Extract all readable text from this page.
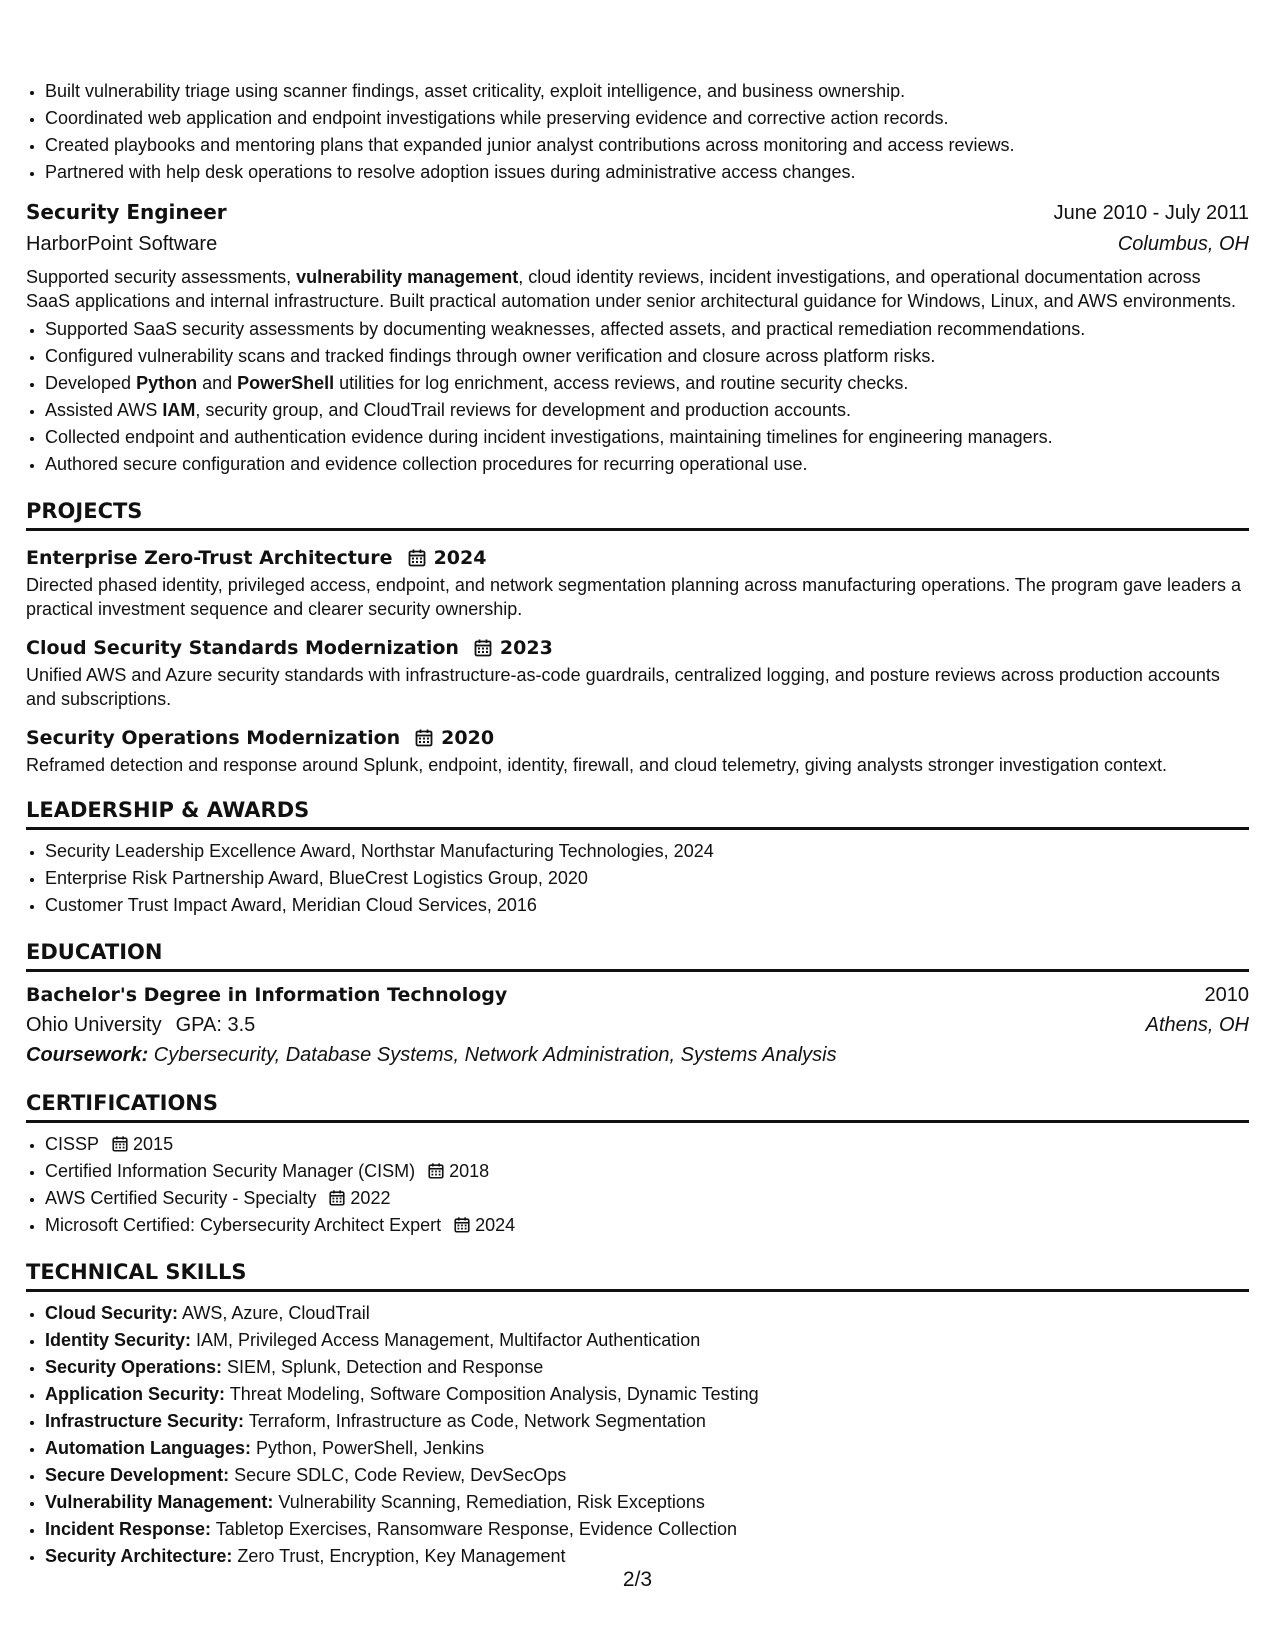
• Built vulnerability triage using scanner findings, asset criticality, exploit intelligence, and business ownership.
• Coordinated web application and endpoint investigations while preserving evidence and corrective action records.
• Created playbooks and mentoring plans that expanded junior analyst contributions across monitoring and access reviews.
• Partnered with help desk operations to resolve adoption issues during administrative access changes.
Security Engineer	June 2010 - July 2011
HarborPoint Software	Columbus, OH
Supported security assessments, vulnerability management, cloud identity reviews, incident investigations, and operational documentation across SaaS applications and internal infrastructure. Built practical automation under senior architectural guidance for Windows, Linux, and AWS environments.
• Supported SaaS security assessments by documenting weaknesses, affected assets, and practical remediation recommendations.
• Configured vulnerability scans and tracked findings through owner verification and closure across platform risks.
• Developed Python and PowerShell utilities for log enrichment, access reviews, and routine security checks.
• Assisted AWS IAM, security group, and CloudTrail reviews for development and production accounts.
• Collected endpoint and authentication evidence during incident investigations, maintaining timelines for engineering managers.
• Authored secure configuration and evidence collection procedures for recurring operational use.
PROJECTS
Enterprise Zero-Trust Architecture 2024
Directed phased identity, privileged access, endpoint, and network segmentation planning across manufacturing operations. The program gave leaders a practical investment sequence and clearer security ownership.
Cloud Security Standards Modernization 2023
Unified AWS and Azure security standards with infrastructure-as-code guardrails, centralized logging, and posture reviews across production accounts and subscriptions.
Security Operations Modernization 2020
Reframed detection and response around Splunk, endpoint, identity, firewall, and cloud telemetry, giving analysts stronger investigation context.
LEADERSHIP & AWARDS
• Security Leadership Excellence Award, Northstar Manufacturing Technologies, 2024
• Enterprise Risk Partnership Award, BlueCrest Logistics Group, 2020
• Customer Trust Impact Award, Meridian Cloud Services, 2016
EDUCATION
Bachelor's Degree in Information Technology	2010
Ohio University GPA: 3.5	Athens, OH
Coursework: Cybersecurity, Database Systems, Network Administration, Systems Analysis
CERTIFICATIONS
• CISSP 2015
• Certified Information Security Manager (CISM) 2018
• AWS Certified Security - Specialty 2022
• Microsoft Certified: Cybersecurity Architect Expert 2024
TECHNICAL SKILLS
• Cloud Security: AWS, Azure, CloudTrail
• Identity Security: IAM, Privileged Access Management, Multifactor Authentication
• Security Operations: SIEM, Splunk, Detection and Response
• Application Security: Threat Modeling, Software Composition Analysis, Dynamic Testing
• Infrastructure Security: Terraform, Infrastructure as Code, Network Segmentation
• Automation Languages: Python, PowerShell, Jenkins
• Secure Development: Secure SDLC, Code Review, DevSecOps
• Vulnerability Management: Vulnerability Scanning, Remediation, Risk Exceptions
• Incident Response: Tabletop Exercises, Ransomware Response, Evidence Collection
• Security Architecture: Zero Trust, Encryption, Key Management
2/3
